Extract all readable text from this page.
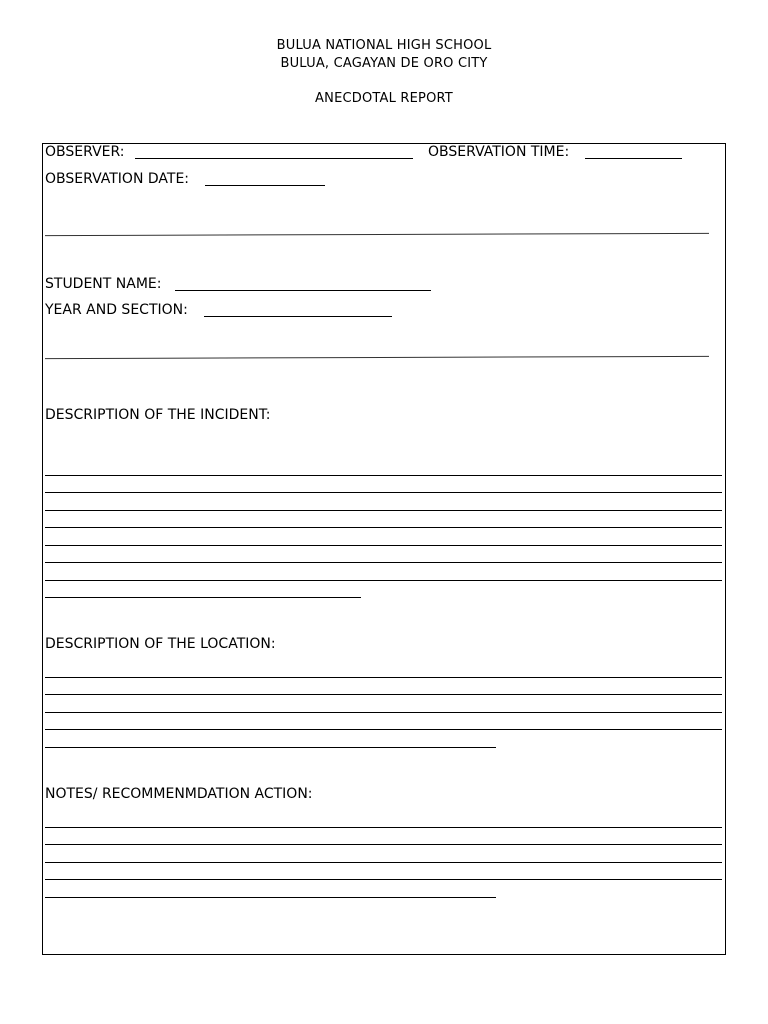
BULUA NATIONAL HIGH SCHOOL
BULUA, CAGAYAN DE ORO CITY
ANECDOTAL REPORT
OBSERVER:	OBSERVATION TIME:
OBSERVATION DATE:
STUDENT NAME:
YEAR AND SECTION:
DESCRIPTION OF THE INCIDENT:
DESCRIPTION OF THE LOCATION:
NOTES/ RECOMMENMDATION ACTION:
